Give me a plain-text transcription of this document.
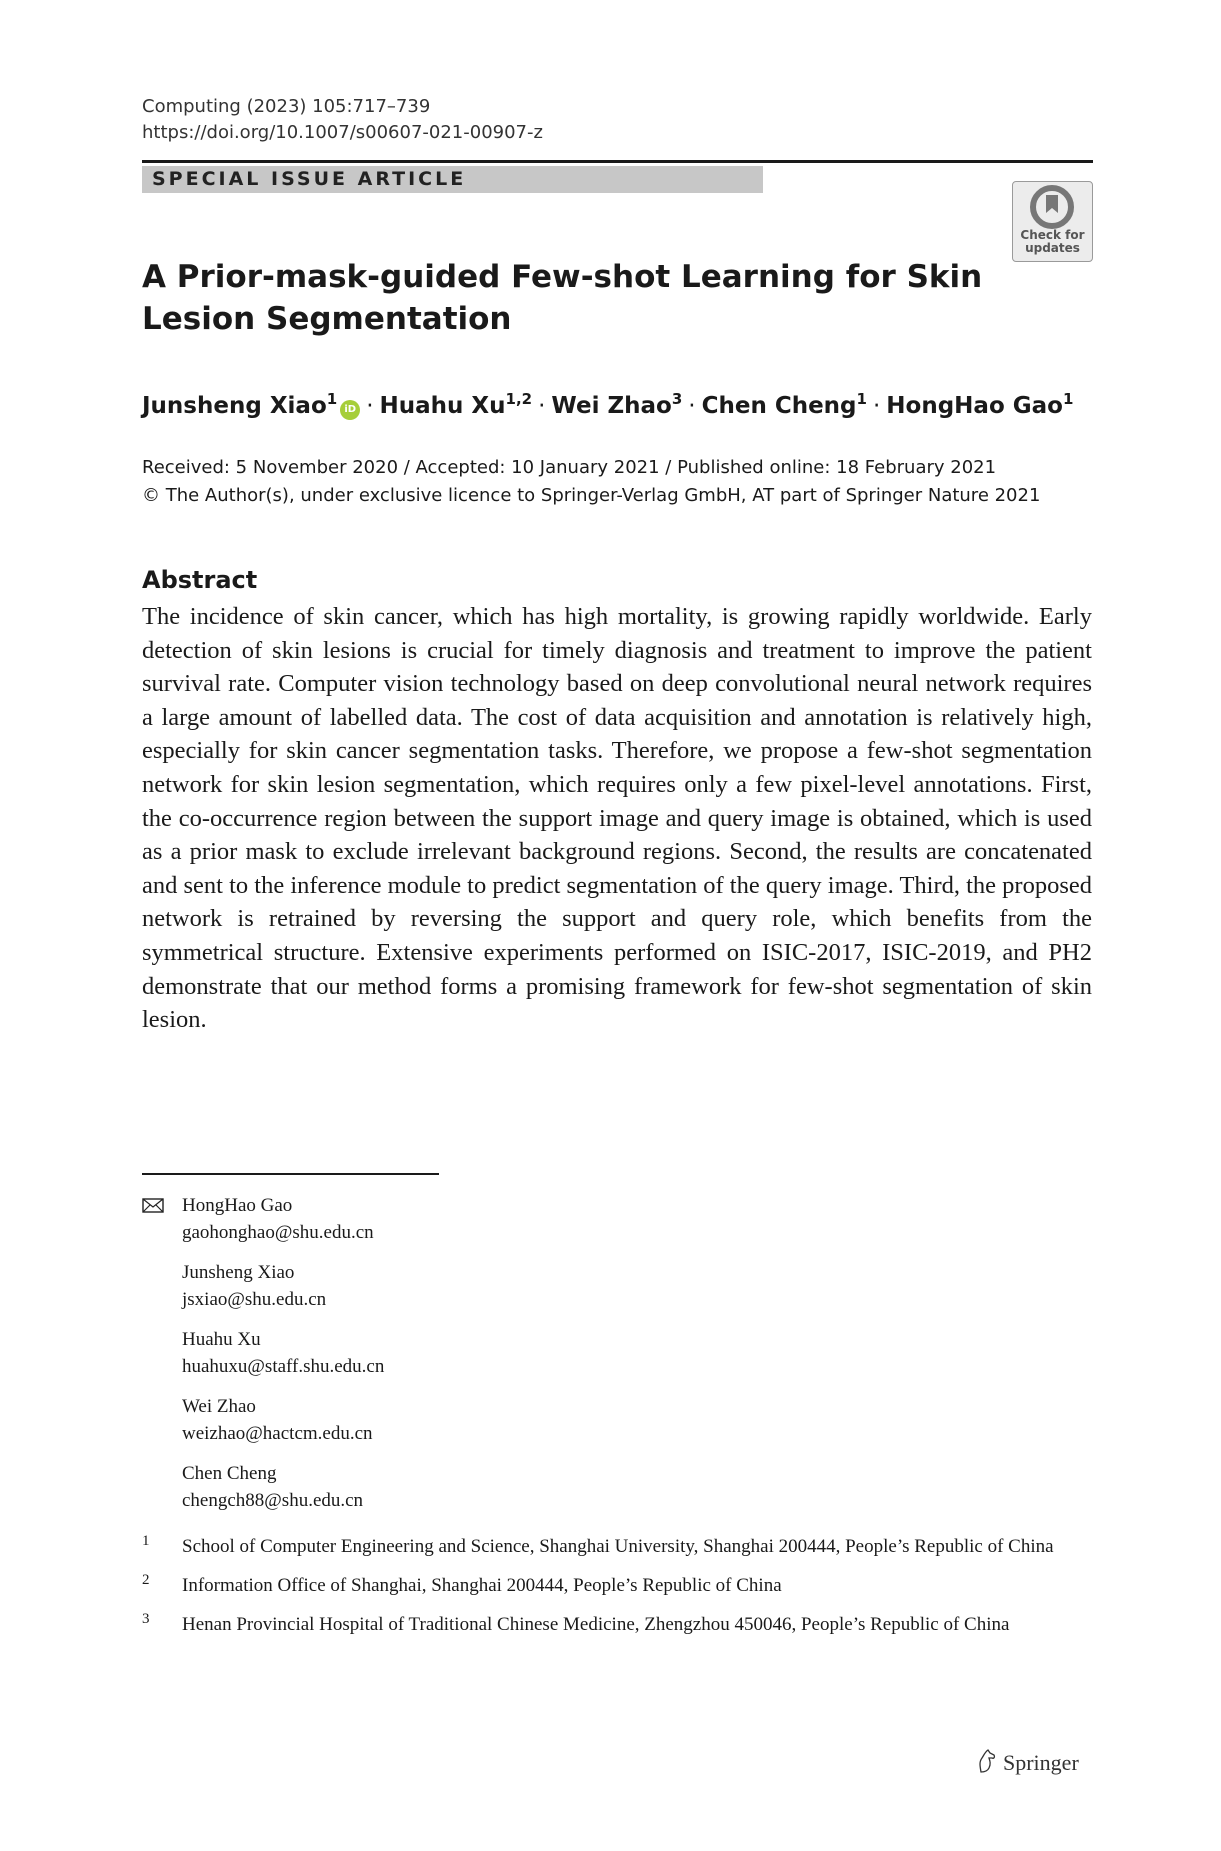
Computing (2023) 105:717–739
https://doi.org/10.1007/s00607-021-00907-z
SPECIAL ISSUE ARTICLE
Check for updates
A Prior-mask-guided Few-shot Learning for Skin Lesion Segmentation
Junsheng Xiao$^1$iD · Huahu Xu$^{1,2}$ · Wei Zhao$^3$ · Chen Cheng$^1$ · HongHao Gao$^1$
Received: 5 November 2020 / Accepted: 10 January 2021 / Published online: 18 February 2021
© The Author(s), under exclusive licence to Springer-Verlag GmbH, AT part of Springer Nature 2021
Abstract
The incidence of skin cancer, which has high mortality, is growing rapidly worldwide. Early detection of skin lesions is crucial for timely diagnosis and treatment to improve the patient survival rate. Computer vision technology based on deep convolutional neural network requires a large amount of labelled data. The cost of data acquisition and annotation is relatively high, especially for skin cancer segmentation tasks. Therefore, we propose a few-shot segmentation network for skin lesion segmentation, which requires only a few pixel-level annotations. First, the co-occurrence region between the support image and query image is obtained, which is used as a prior mask to exclude irrelevant background regions. Second, the results are concatenated and sent to the inference module to predict segmentation of the query image. Third, the proposed network is retrained by reversing the support and query role, which benefits from the symmetrical structure. Extensive experiments performed on ISIC-2017, ISIC-2019, and PH2 demonstrate that our method forms a promising framework for few-shot segmentation of skin lesion.
HongHao Gao
gaohonghao@shu.edu.cn
Junsheng Xiao
jsxiao@shu.edu.cn
Huahu Xu
huahuxu@staff.shu.edu.cn
Wei Zhao
weizhao@hactcm.edu.cn
Chen Cheng
chengch88@shu.edu.cn
1 School of Computer Engineering and Science, Shanghai University, Shanghai 200444, People’s Republic of China
2 Information Office of Shanghai, Shanghai 200444, People’s Republic of China
3 Henan Provincial Hospital of Traditional Chinese Medicine, Zhengzhou 450046, People’s Republic of China
Springer
